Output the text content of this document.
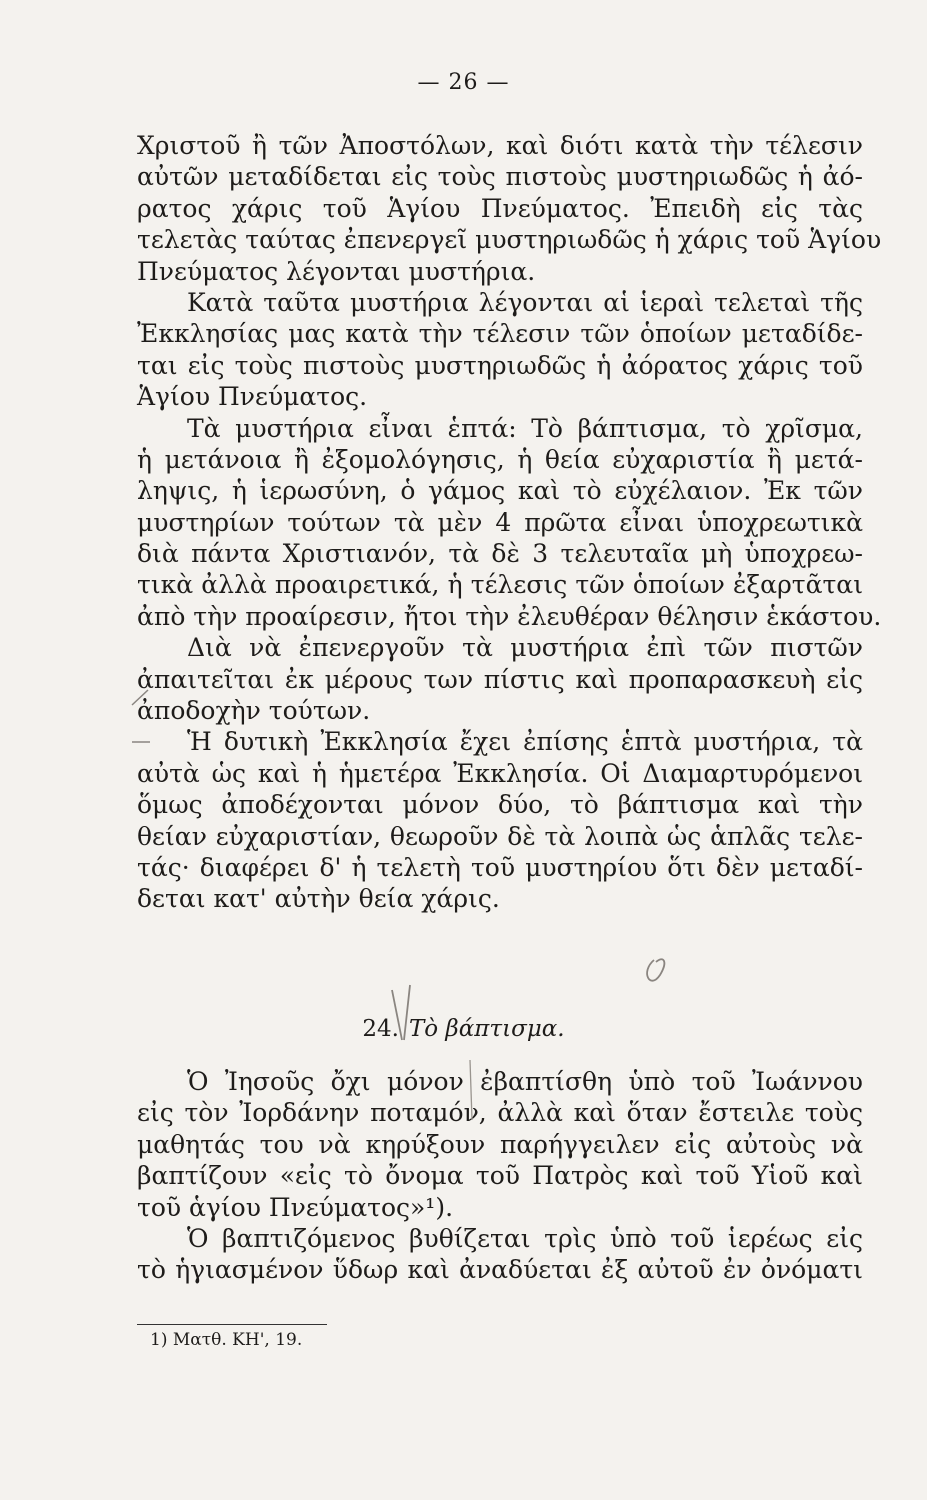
— 26 —
Χριστοῦ ἢ τῶν Ἀποστόλων, καὶ διότι κατὰ τὴν τέλεσιν
αὐτῶν μεταδίδεται εἰς τοὺς πιστοὺς μυστηριωδῶς ἡ ἀό-
ρατος χάρις τοῦ Ἁγίου Πνεύματος. Ἐπειδὴ εἰς τὰς
τελετὰς ταύτας ἐπενεργεῖ μυστηριωδῶς ἡ χάρις τοῦ Ἁγίου
Πνεύματος λέγονται μυστήρια.
Κατὰ ταῦτα μυστήρια λέγονται αἱ ἱεραὶ τελεταὶ τῆς
Ἐκκλησίας μας κατὰ τὴν τέλεσιν τῶν ὁποίων μεταδίδε-
ται εἰς τοὺς πιστοὺς μυστηριωδῶς ἡ ἀόρατος χάρις τοῦ
Ἁγίου Πνεύματος.
Τὰ μυστήρια εἶναι ἑπτά: Τὸ βάπτισμα, τὸ χρῖσμα,
ἡ μετάνοια ἢ ἐξομολόγησις, ἡ θεία εὐχαριστία ἢ μετά-
ληψις, ἡ ἱερωσύνη, ὁ γάμος καὶ τὸ εὐχέλαιον. Ἐκ τῶν
μυστηρίων τούτων τὰ μὲν 4 πρῶτα εἶναι ὑποχρεωτικὰ
διὰ πάντα Χριστιανόν, τὰ δὲ 3 τελευταῖα μὴ ὑποχρεω-
τικὰ ἀλλὰ προαιρετικά, ἡ τέλεσις τῶν ὁποίων ἐξαρτᾶται
ἀπὸ τὴν προαίρεσιν, ἤτοι τὴν ἐλευθέραν θέλησιν ἑκάστου.
Διὰ νὰ ἐπενεργοῦν τὰ μυστήρια ἐπὶ τῶν πιστῶν
ἀπαιτεῖται ἐκ μέρους των πίστις καὶ προπαρασκευὴ εἰς
ἀποδοχὴν τούτων.
Ἡ δυτικὴ Ἐκκλησία ἔχει ἐπίσης ἑπτὰ μυστήρια, τὰ
αὐτὰ ὡς καὶ ἡ ἡμετέρα Ἐκκλησία. Οἱ Διαμαρτυρόμενοι
ὅμως ἀποδέχονται μόνον δύο, τὸ βάπτισμα καὶ τὴν
θείαν εὐχαριστίαν, θεωροῦν δὲ τὰ λοιπὰ ὡς ἁπλᾶς τελε-
τάς· διαφέρει δ' ἡ τελετὴ τοῦ μυστηρίου ὅτι δὲν μεταδί-
δεται κατ' αὐτὴν θεία χάρις.
24. Τὸ βάπτισμα.
Ὁ Ἰησοῦς ὄχι μόνον ἐβαπτίσθη ὑπὸ τοῦ Ἰωάννου
εἰς τὸν Ἰορδάνην ποταμόν, ἀλλὰ καὶ ὅταν ἔστειλε τοὺς
μαθητάς του νὰ κηρύξουν παρήγγειλεν εἰς αὐτοὺς νὰ
βαπτίζουν «εἰς τὸ ὄνομα τοῦ Πατρὸς καὶ τοῦ Υἱοῦ καὶ
τοῦ ἁγίου Πνεύματος»¹).
Ὁ βαπτιζόμενος βυθίζεται τρὶς ὑπὸ τοῦ ἱερέως εἰς
τὸ ἡγιασμένον ὕδωρ καὶ ἀναδύεται ἐξ αὐτοῦ ἐν ὀνόματι
1) Ματθ. ΚΗ', 19.
